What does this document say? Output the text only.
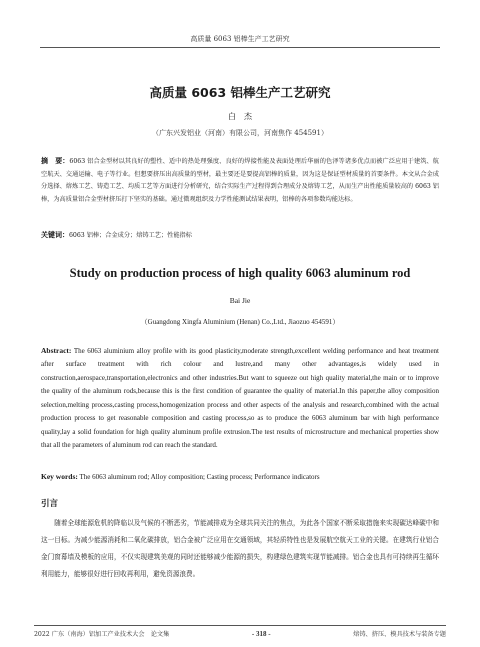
高质量 6063 铝棒生产工艺研究
高质量 6063 铝棒生产工艺研究
白　杰
（广东兴发铝业（河南）有限公司，河南焦作 454591）
摘　要：6063 铝合金型材以其良好的塑性、适中的热处理强度、良好的焊接性能及表面处理后华丽的色泽等诸多优点而被广泛应用于建筑、航空航天、交通运输、电子等行业。但想要挤压出高质量的型材，最主要还是要提高铝棒的质量，因为这是保证型材质量的首要条件。本文从合金成分选择、熔炼工艺、铸造工艺、均质工艺等方面进行分析研究，结合实际生产过程得到合理成分及熔铸工艺，从而生产出性能质量较高的 6063 铝棒，为高质量铝合金型材挤压打下坚实的基础。通过微观组织及力学性能测试结果表明，铝棒的各项参数均能达标。
关键词：6063 铝棒；合金成分；熔铸工艺；性能指标
Study on production process of high quality 6063 aluminum rod
Bai Jie
（Guangdong Xingfa Aluminium (Henan) Co.,Ltd., Jiaozuo 454591）
Abstract: The 6063 aluminium alloy profile with its good plasticity,moderate strength,excellent welding performance and heat treatment after surface treatment with rich colour and lustre,and many other advantages,is widely used in construction,aerospace,transportation,electronics and other industries.But want to squeeze out high quality material,the main or to improve the quality of the aluminum rods,because this is the first condition of guarantee the quality of material.In this paper,the alloy composition selection,melting process,casting process,homogenization process and other aspects of the analysis and research,combined with the actual production process to get reasonable composition and casting process,so as to produce the 6063 aluminum bar with high performance quality,lay a solid foundation for high quality aluminum profile extrusion.The test results of microstructure and mechanical properties show that all the parameters of aluminum rod can reach the standard.
Key words: The 6063 aluminum rod; Alloy composition; Casting process; Performance indicators
引言
随着全球能源危机的降临以及气候的不断恶劣，节能减排成为全球共同关注的焦点，为此各个国家不断采取措施来实现碳达峰碳中和这一目标。为减少能源消耗和二氧化碳排放，铝合金被广泛应用在交通领域，其轻质特性也是发展航空航天工业的关键。在建筑行业铝合金门窗幕墙及模板的应用，不仅实现建筑美观的同时还能够减少能源的损失，构建绿色建筑实现节能减排。铝合金也具有可持续再生循环利用能力，能够很好进行回收再利用，避免资源浪费。
2022 广东（南海）铝加工产业技术大会　论文集	- 318 -	熔铸、挤压、模具技术与装备专题
